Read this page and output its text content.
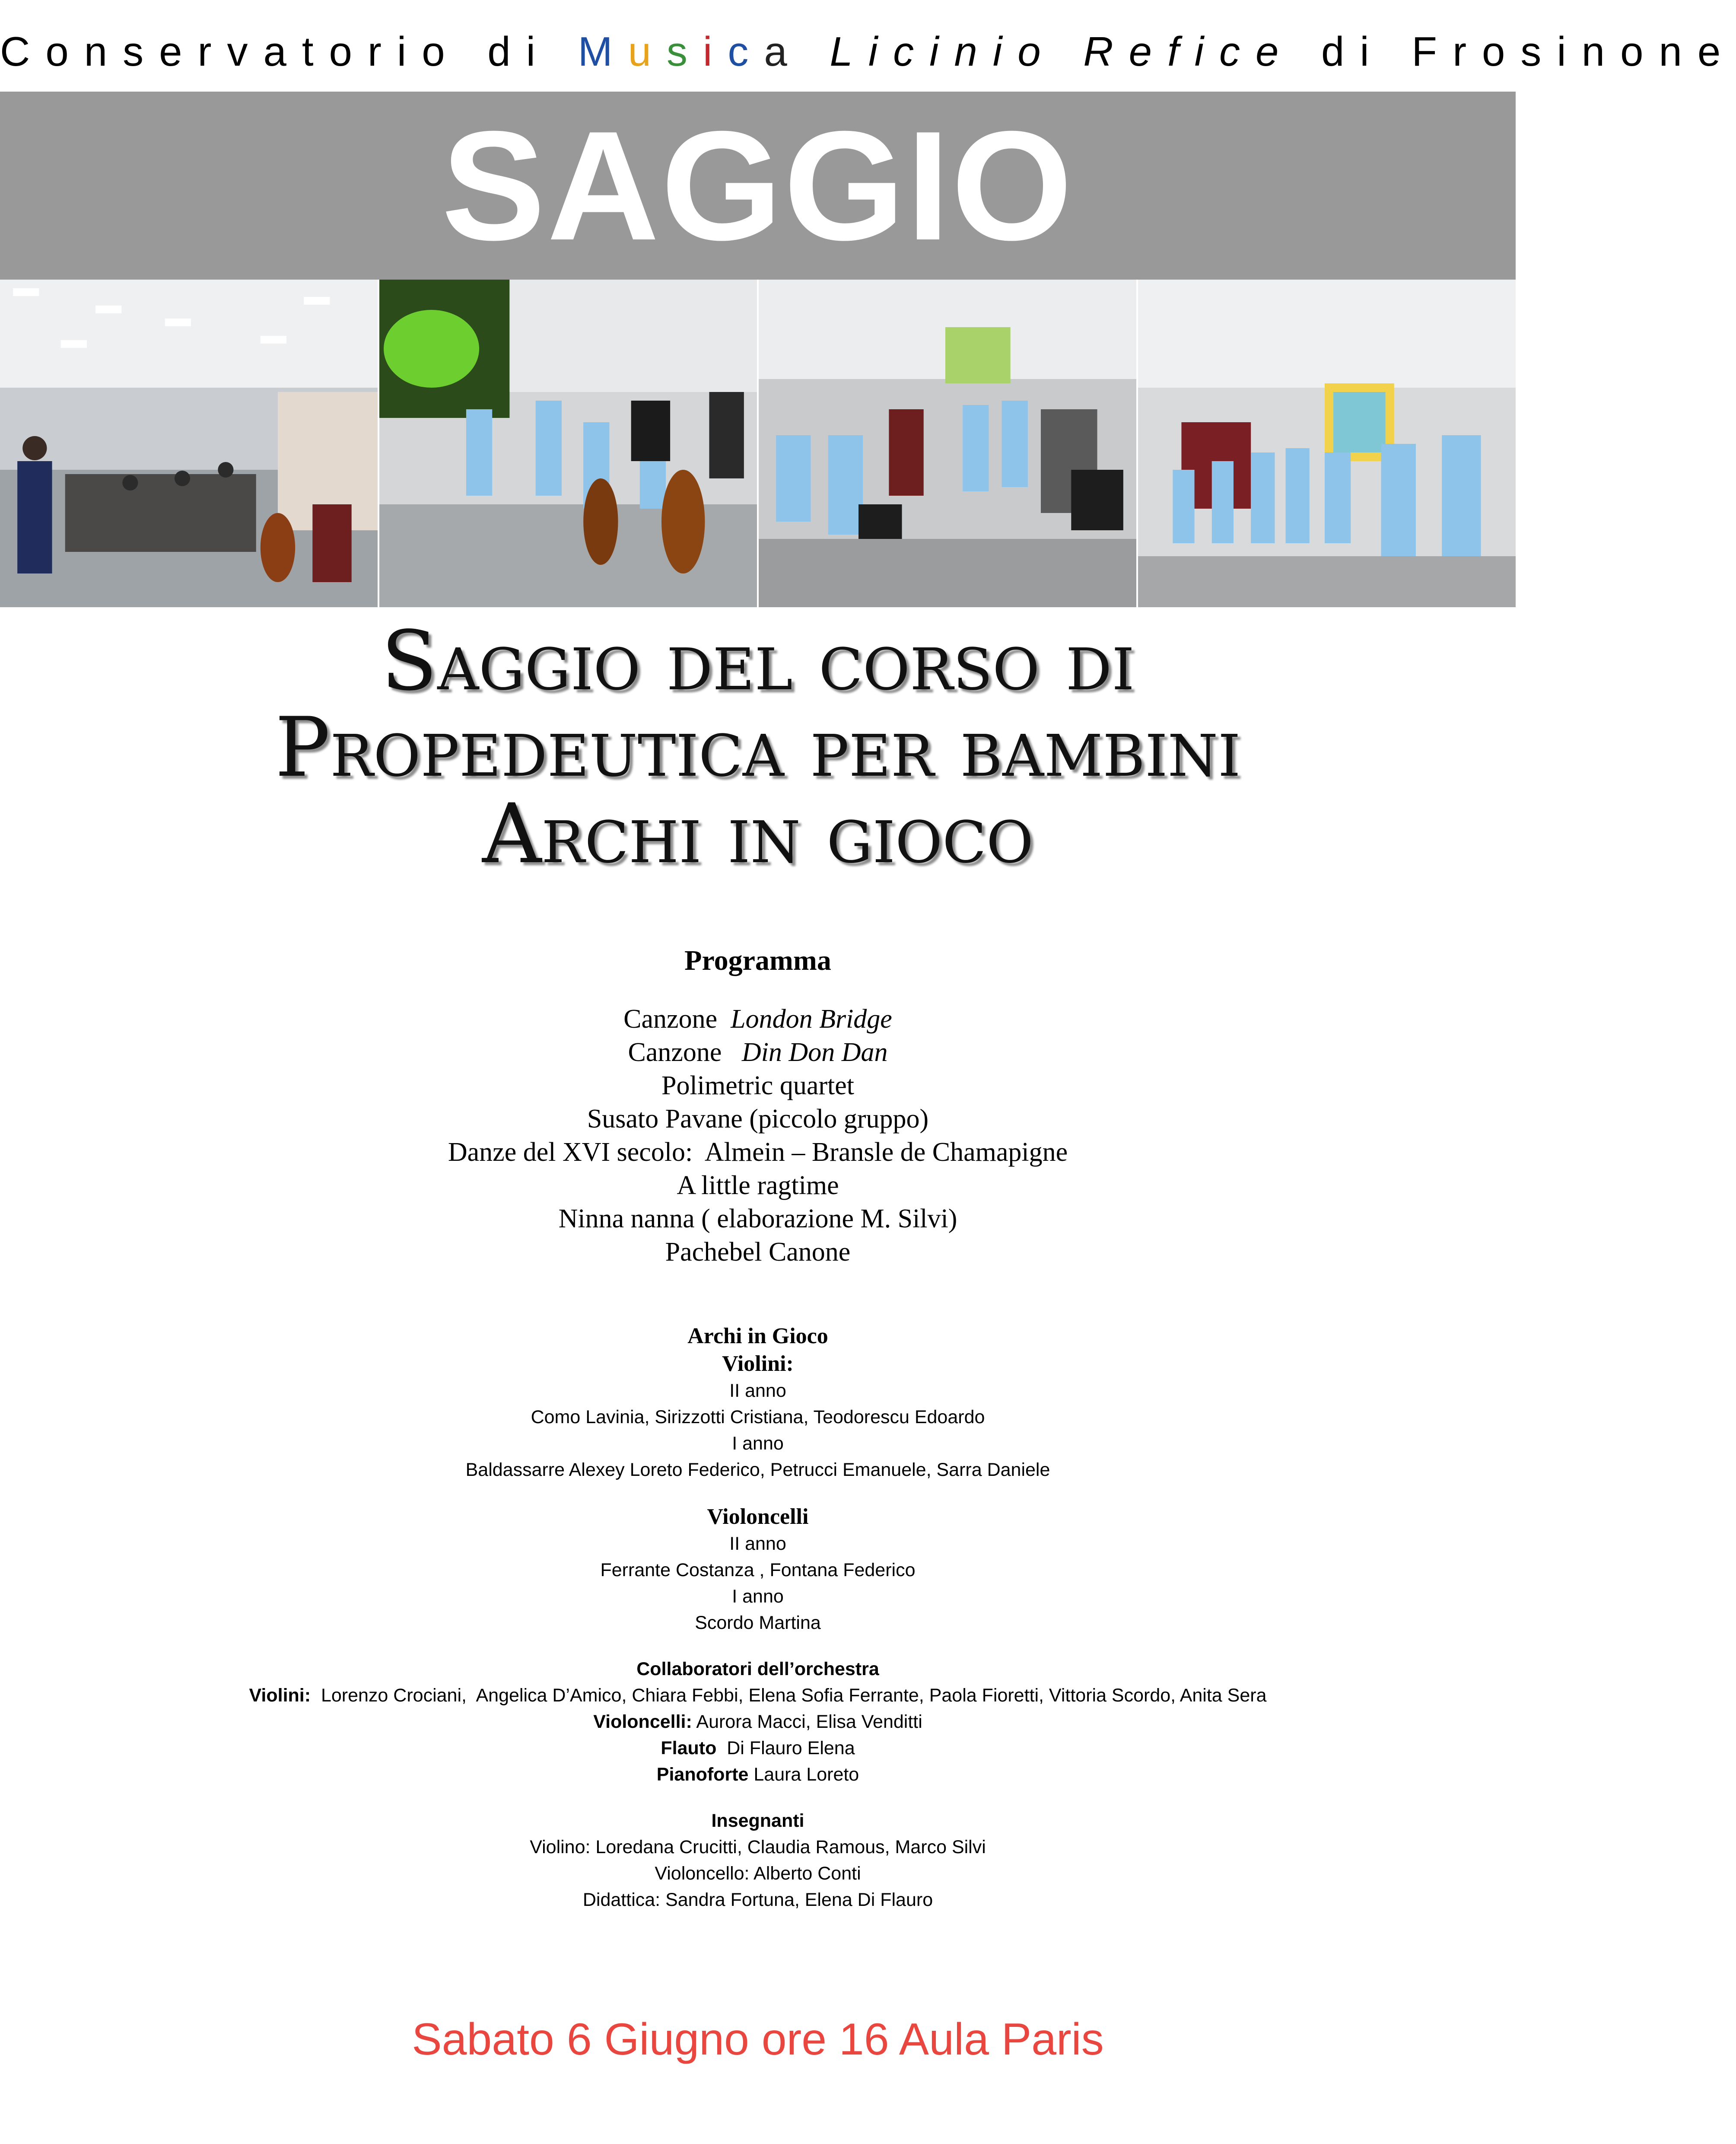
Conservatorio di Musica Licinio Refice di Frosinone
SAGGIO
Saggio del corso di
Propedeutica per bambini
Archi in gioco
Programma
Canzone  London Bridge
Canzone   Din Don Dan
Polimetric quartet
Susato Pavane (piccolo gruppo)
Danze del XVI secolo:  Almein – Bransle de Chamapigne
A little ragtime
Ninna nanna ( elaborazione M. Silvi)
Pachebel Canone
Archi in Gioco
Violini:
II anno
Como Lavinia, Sirizzotti Cristiana, Teodorescu Edoardo
I anno
Baldassarre Alexey Loreto Federico, Petrucci Emanuele, Sarra Daniele
Violoncelli
II anno
Ferrante Costanza , Fontana Federico
I anno
Scordo Martina
Collaboratori dell’orchestra
Violini:  Lorenzo Crociani,  Angelica D’Amico, Chiara Febbi, Elena Sofia Ferrante, Paola Fioretti, Vittoria Scordo, Anita Sera
Violoncelli: Aurora Macci, Elisa Venditti
Flauto  Di Flauro Elena
Pianoforte Laura Loreto
Insegnanti
Violino: Loredana Crucitti, Claudia Ramous, Marco Silvi
Violoncello: Alberto Conti
Didattica: Sandra Fortuna, Elena Di Flauro
Sabato 6 Giugno ore 16 Aula Paris
